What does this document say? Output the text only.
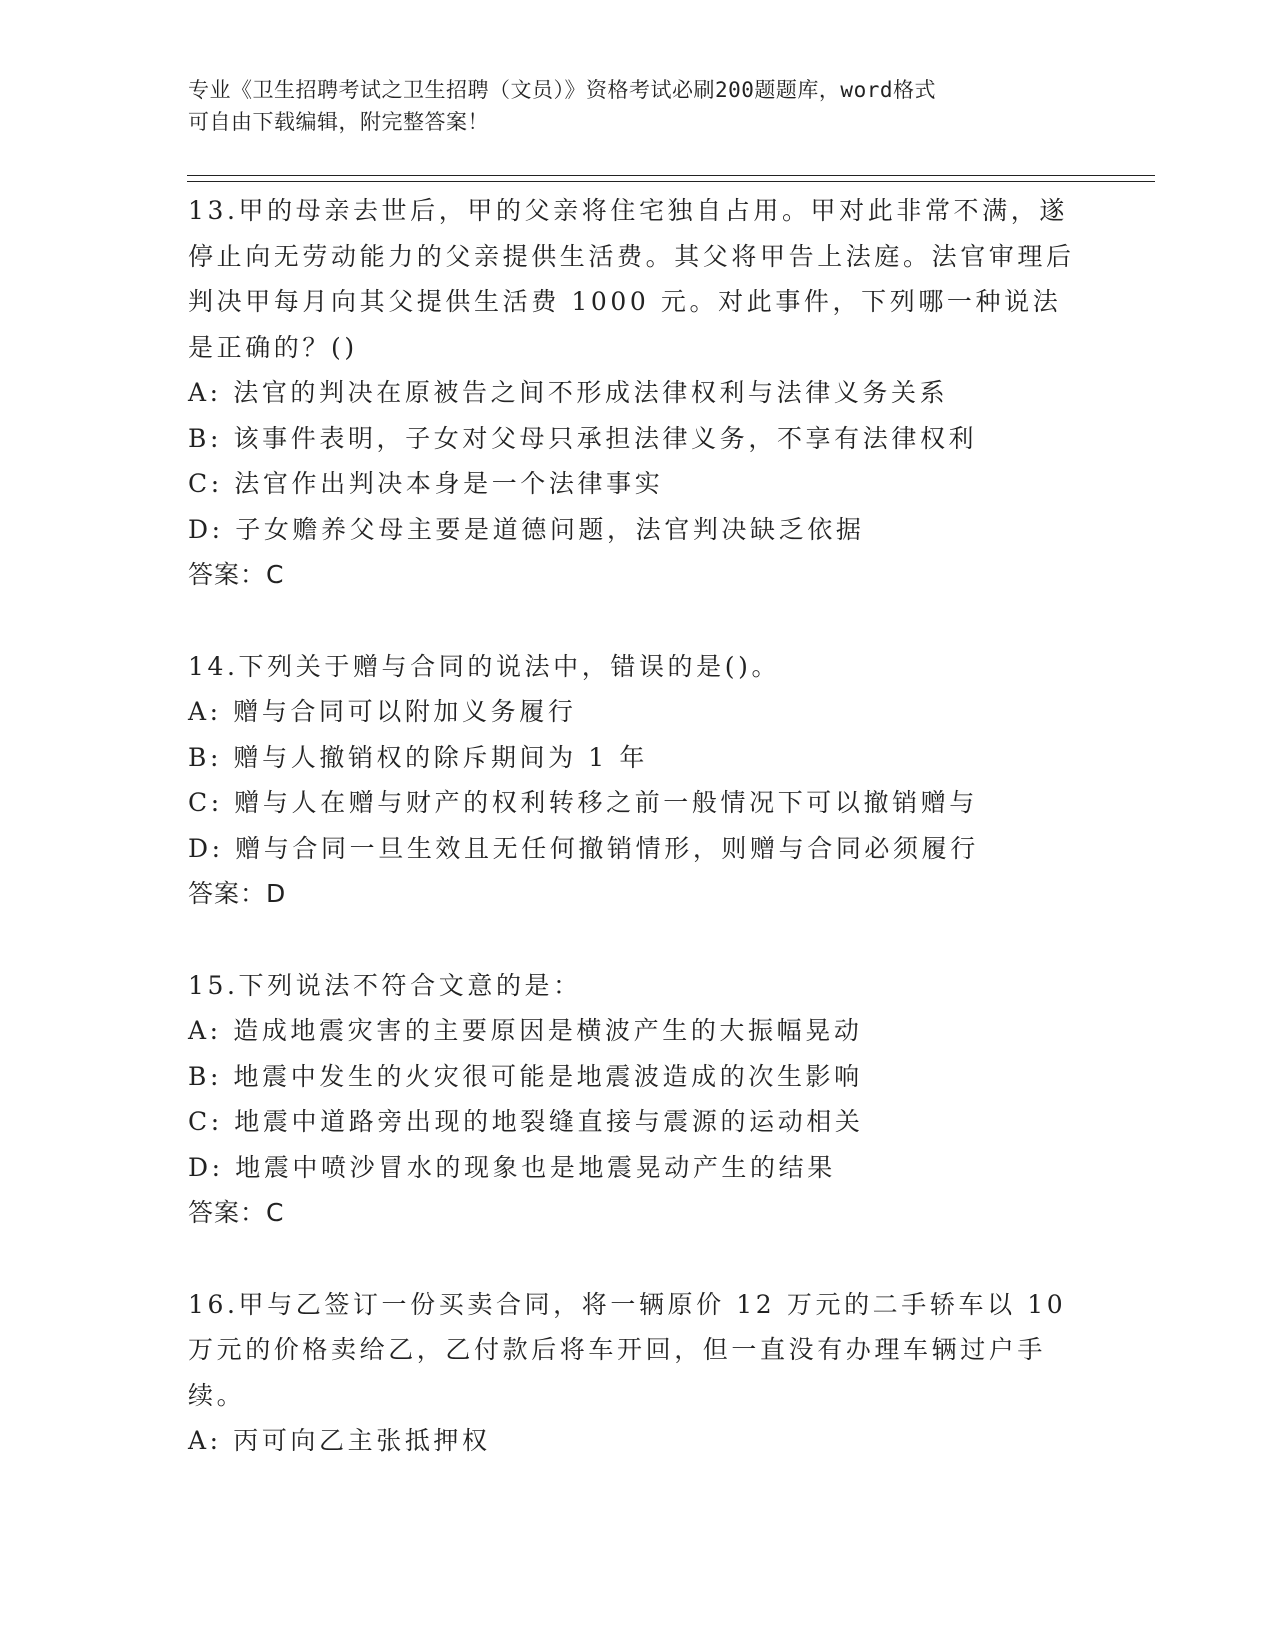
专业《卫生招聘考试之卫生招聘（文员）》资格考试必刷200题题库，word格式
可自由下载编辑，附完整答案！
13.甲的母亲去世后，甲的父亲将住宅独自占用。甲对此非常不满，遂停止向无劳动能力的父亲提供生活费。其父将甲告上法庭。法官审理后判决甲每月向其父提供生活费 1000 元。对此事件，下列哪一种说法是正确的？()
A: 法官的判决在原被告之间不形成法律权利与法律义务关系
B: 该事件表明，子女对父母只承担法律义务，不享有法律权利
C: 法官作出判决本身是一个法律事实
D: 子女赡养父母主要是道德问题，法官判决缺乏依据
答案：C
14.下列关于赠与合同的说法中，错误的是()。
A: 赠与合同可以附加义务履行
B: 赠与人撤销权的除斥期间为 1 年
C: 赠与人在赠与财产的权利转移之前一般情况下可以撤销赠与
D: 赠与合同一旦生效且无任何撤销情形，则赠与合同必须履行
答案：D
15.下列说法不符合文意的是：
A: 造成地震灾害的主要原因是横波产生的大振幅晃动
B: 地震中发生的火灾很可能是地震波造成的次生影响
C: 地震中道路旁出现的地裂缝直接与震源的运动相关
D: 地震中喷沙冒水的现象也是地震晃动产生的结果
答案：C
16.甲与乙签订一份买卖合同，将一辆原价 12 万元的二手轿车以 10 万元的价格卖给乙，乙付款后将车开回，但一直没有办理车辆过户手续。
A: 丙可向乙主张抵押权
